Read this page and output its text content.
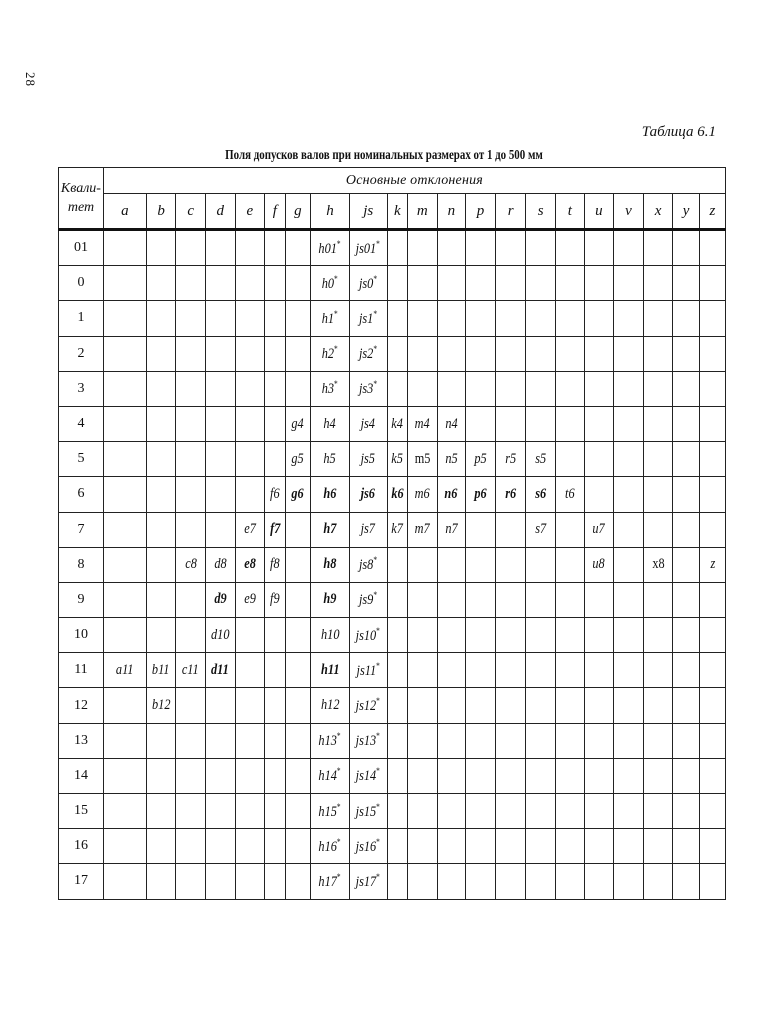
28
Таблица 6.1
Поля допусков валов при номинальных размерах от 1 до 500 мм
Квали-
тет	Основные отклонения																				
	a	b	c	d	e	f	g	h	js	k	m	n	p	r	s	t	u	v	x	y	z
01								h01*	js01*												
0								h0*	js0*												
1								h1*	js1*												
2								h2*	js2*												
3								h3*	js3*												
4							g4	h4	js4	k4	m4	n4									
5							g5	h5	js5	k5	m5	n5	p5	r5	s5						
6						f6	g6	h6	js6	k6	m6	n6	p6	r6	s6	t6					
7					e7	f7		h7	js7	k7	m7	n7			s7		u7				
8			c8	d8	e8	f8		h8	js8*								u8		x8		z
9				d9	e9	f9		h9	js9*												
10				d10				h10	js10*												
11	a11	b11	c11	d11				h11	js11*												
12		b12						h12	js12*												
13								h13*	js13*												
14								h14*	js14*												
15								h15*	js15*												
16								h16*	js16*												
17								h17*	js17*												
